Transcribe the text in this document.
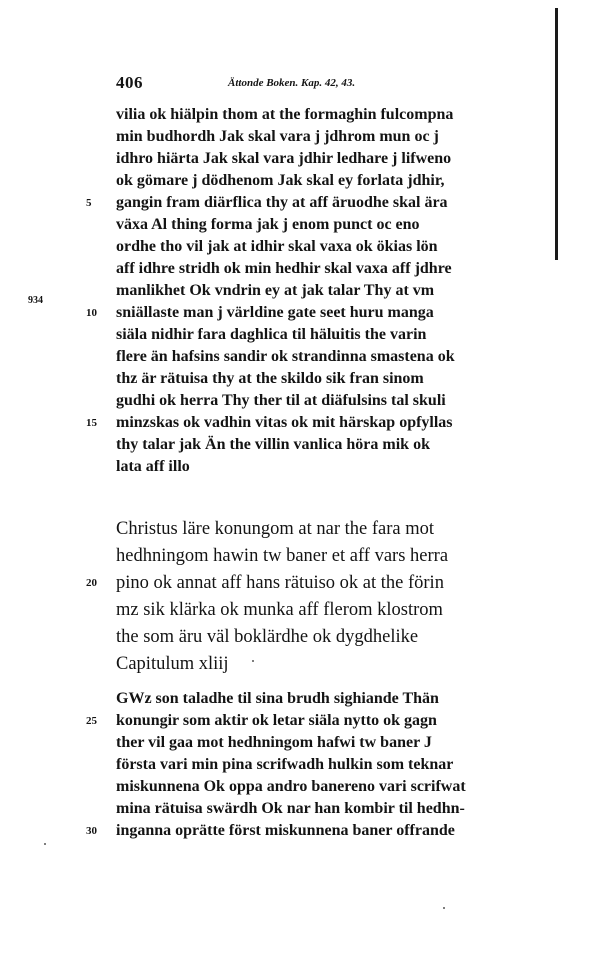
406	Ättonde Boken. Kap. 42, 43.
934
vilia ok hiälpin thom at the formaghin fulcompna
min budhordh Jak skal vara j jdhrom mun oc j
idhro hiärta Jak skal vara jdhir ledhare j lifweno
ok gömare j dödhenom Jak skal ey forlata jdhir,
gangin fram diärflica thy at aff äruodhe skal ära
5
växa Al thing forma jak j enom punct oc eno
ordhe tho vil jak at idhir skal vaxa ok ökias lön
aff idhre stridh ok min hedhir skal vaxa aff jdhre
manlikhet Ok vndrin ey at jak talar Thy at vm
sniällaste man j världine gate seet huru manga
10
siäla nidhir fara daghlica til häluitis the varin
flere än hafsins sandir ok strandinna smastena ok
thz är rätuisa thy at the skildo sik fran sinom
gudhi ok herra Thy ther til at diäfulsins tal skuli
minzskas ok vadhin vitas ok mit härskap opfyllas
15
thy talar jak Än the villin vanlica höra mik ok
lata aff illo
Christus läre konungom at nar the fara mot
hedhningom hawin tw baner et aff vars herra
pino ok annat aff hans rätuiso ok at the förin
20
mz sik klärka ok munka aff flerom klostrom
the som äru väl boklärdhe ok dygdhelike
Capitulum xliij
GWz son taladhe til sina brudh sighiande Thän
konungir som aktir ok letar siäla nytto ok gagn
25
ther vil gaa mot hedhningom hafwi tw baner J
första vari min pina scrifwadh hulkin som teknar
miskunnena Ok oppa andro banereno vari scrifwat
mina rätuisa swärdh Ok nar han kombir til hedhn-
inganna oprätte först miskunnena baner offrande
30
